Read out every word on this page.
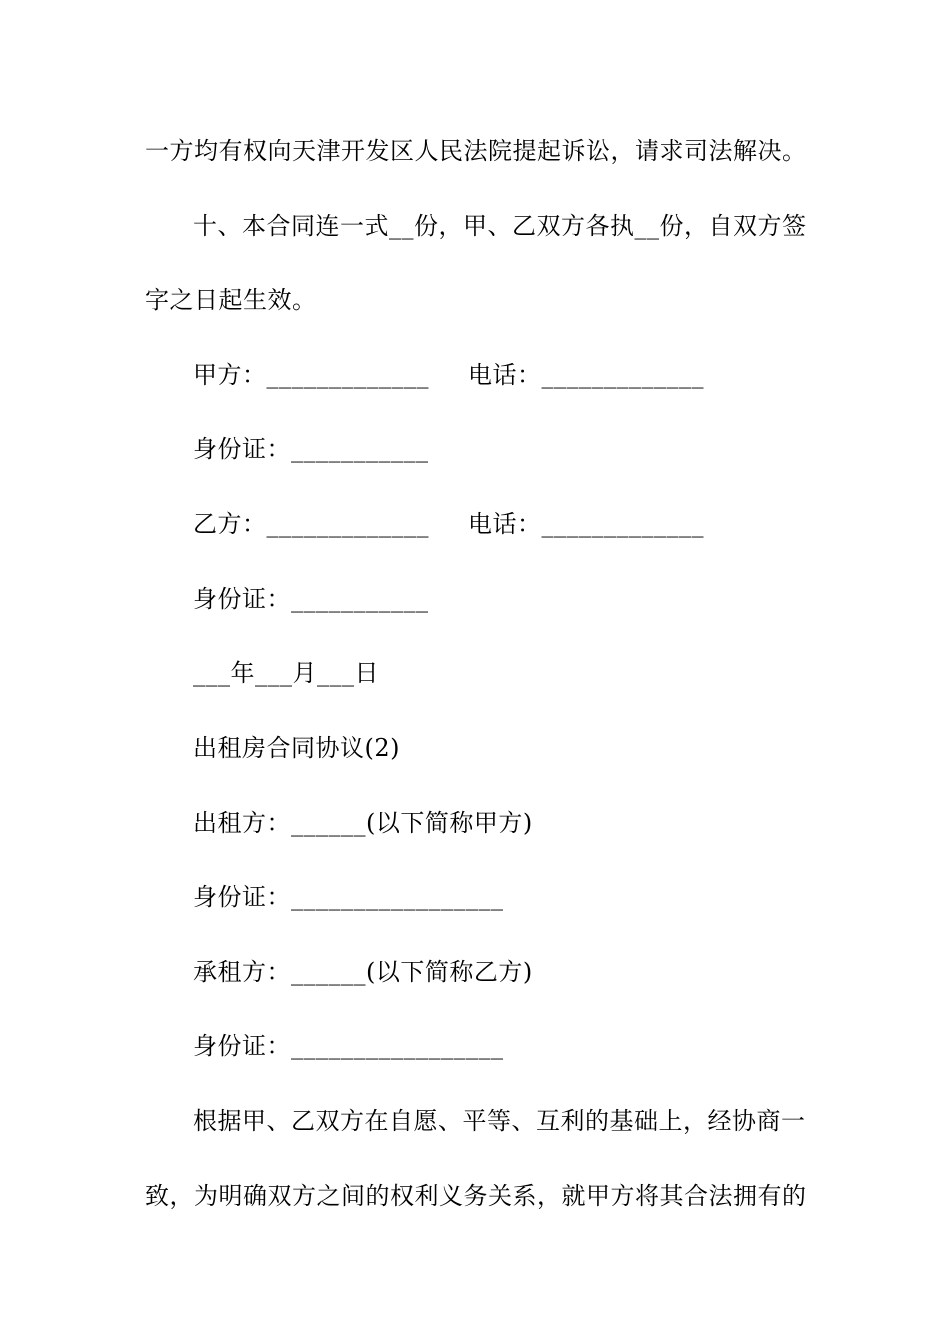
一方均有权向天津开发区人民法院提起诉讼，请求司法解决。
十、本合同连一式__份，甲、乙双方各执__份，自双方签
字之日起生效。
甲方：_____________ 电话：_____________
身份证：___________
乙方：_____________ 电话：_____________
身份证：___________
___年___月___日
出租房合同协议(2)
出租方：______(以下简称甲方)
身份证：_________________
承租方：______(以下简称乙方)
身份证：_________________
根据甲、乙双方在自愿、平等、互利的基础上，经协商一
致，为明确双方之间的权利义务关系，就甲方将其合法拥有的
